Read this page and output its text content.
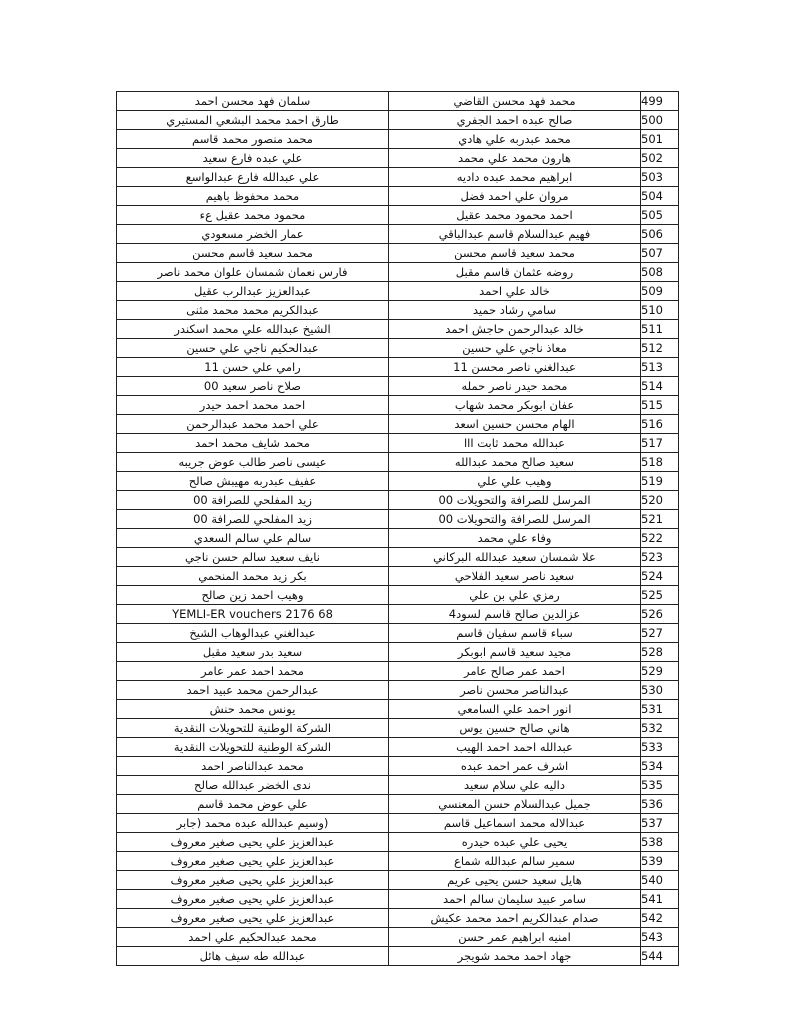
سلمان فهد محسن احمد	محمد فهد محسن القاضي	499
طارق احمد محمد البشعي المستيري	صالح عبده احمد الجفري	500
محمد منصور محمد قاسم	محمد عبدربه علي هادي	501
علي عبده فارع سعيد	هارون محمد علي محمد	502
علي عبدالله فارع عبدالواسع	ابراهيم محمد عبده داديه	503
محمد محفوظ باهيم	مروان علي احمد فضل	504
محمود محمد عقيل عء	احمد محمود محمد عقيل	505
عمار الخضر مسعودي	فهيم عبدالسلام قاسم عبدالباقي	506
محمد سعيد قاسم محسن	محمد سعيد قاسم محسن	507
فارس نعمان شمسان علوان محمد ناصر	روضه عثمان قاسم مقبل	508
عبدالعزيز عبدالرب عقيل	خالد علي احمد	509
عبدالكريم محمد محمد مثنى	سامي رشاد حميد	510
الشيخ عبدالله علي محمد اسكندر	خالد عبدالرحمن حاجش احمد	511
عبدالحكيم ناجي علي حسين	معاذ ناجي علي حسين	512
رامي علي حسن 11	عبدالغني ناصر محسن 11	513
صلاح ناصر سعيد 00	محمد حيدر ناصر حمله	514
احمد محمد احمد حيدر	عفان ابوبكر محمد شهاب	515
علي احمد محمد عبدالرحمن	الهام محسن حسين اسعد	516
محمد شايف محمد احمد	عبدالله محمد ثابت ااا	517
عيسى ناصر طالب عوض جريبه	سعيد صالح محمد عبدالله	518
عفيف عبدربه مهيبش صالح	وهيب علي علي	519
زيد المفلحي للصرافة 00	المرسل للصرافة والتحويلات 00	520
زيد المفلحي للصرافة 00	المرسل للصرافة والتحويلات 00	521
سالم علي سالم السعدي	وفاء علي محمد	522
نايف سعيد سالم حسن ناجي	علا شمسان سعيد عبدالله البركاني	523
بكر زيد محمد المنحمي	سعيد ناصر سعيد الفلاحي	524
وهيب احمد زين صالح	رمزي علي بن علي	525
YEMLI-ER vouchers 2176 68	عزالدين صالح قاسم لسود4	526
عبدالغني عبدالوهاب الشيخ	سباء قاسم سفيان قاسم	527
سعيد بدر سعيد مقبل	مجيد سعيد قاسم ابوبكر	528
محمد احمد عمر عامر	احمد عمر صالح عامر	529
عبدالرحمن محمد عبيد احمد	عبدالناصر محسن ناصر	530
يونس محمد حنش	انور احمد علي السامعي	531
الشركة الوطنية للتحويلات النقدية	هاني صالح حسين يوس	532
الشركة الوطنية للتحويلات النقدية	عبدالله احمد احمد الهيب	533
محمد عبدالناصر احمد	اشرف عمر احمد عبده	534
ندى الخضر عبدالله صالح	داليه علي سلام سعيد	535
علي عوض محمد قاسم	جميل عبدالسلام حسن المعنسي	536
(وسيم عبدالله عبده محمد (جابر	عبدالاله محمد اسماعيل قاسم	537
عبدالعزيز علي يحيى صغير معروف	يحيى علي عبده حيدره	538
عبدالعزيز علي يحيى صغير معروف	سمير سالم عبدالله شماع	539
عبدالعزيز علي يحيى صغير معروف	هايل سعيد حسن يحيى عريم	540
عبدالعزيز علي يحيى صغير معروف	سامر عبيد سليمان سالم احمد	541
عبدالعزيز علي يحيى صغير معروف	صدام عبدالكريم احمد محمد عكيش	542
محمد عبدالحكيم علي احمد	امنيه ابراهيم عمر حسن	543
عبدالله طه سيف هائل	جهاد احمد محمد شويجر	544
